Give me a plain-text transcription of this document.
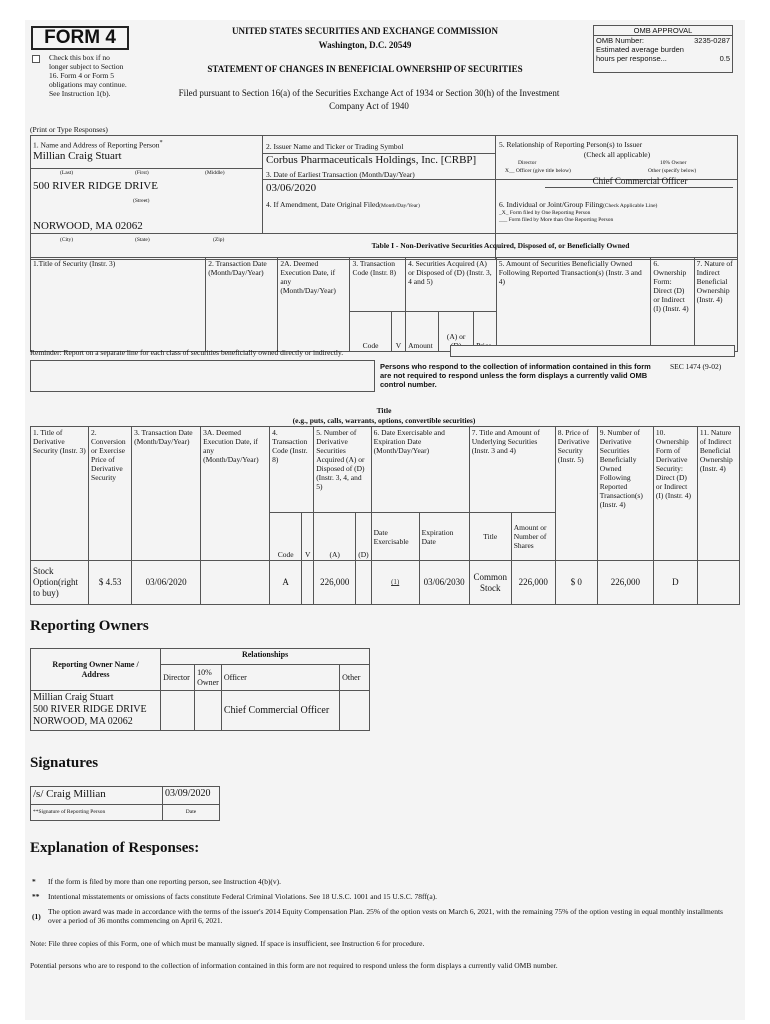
FORM 4
Check this box if no longer subject to Section 16. Form 4 or Form 5 obligations may continue. See Instruction 1(b).
UNITED STATES SECURITIES AND EXCHANGE COMMISSION
Washington, D.C. 20549
STATEMENT OF CHANGES IN BENEFICIAL OWNERSHIP OF SECURITIES
Filed pursuant to Section 16(a) of the Securities Exchange Act of 1934 or Section 30(h) of the Investment
Company Act of 1940
OMB APPROVAL
OMB Number:	3235-0287
Estimated average burden
hours per response...	0.5
(Print or Type Responses)
1. Name and Address of Reporting Person*
Millian Craig Stuart
(Last)	(First)	(Middle)
500 RIVER RIDGE DRIVE
(Street)
NORWOOD, MA 02062
(City)	(State)	(Zip)
2. Issuer Name and Ticker or Trading Symbol
Corbus Pharmaceuticals Holdings, Inc. [CRBP]
3. Date of Earliest Transaction (Month/Day/Year)
03/06/2020
4. If Amendment, Date Original Filed(Month/Day/Year)
5. Relationship of Reporting Person(s) to Issuer
(Check all applicable)
Director	10% Owner
X__ Officer (give title below)	Other (specify below)
Chief Commercial Officer
6. Individual or Joint/Group Filing(Check Applicable Line)
_X_ Form filed by One Reporting Person
___ Form filed by More than One Reporting Person
Table I - Non-Derivative Securities Acquired, Disposed of, or Beneficially Owned
1.Title of Security (Instr. 3)	2. Transaction Date (Month/Day/Year)	2A. Deemed Execution Date, if any (Month/Day/Year)	3. Transaction Code (Instr. 8)		4. Securities Acquired (A) or Disposed of (D) (Instr. 3, 4 and 5)			5. Amount of Securities Beneficially Owned Following Reported Transaction(s) (Instr. 3 and 4)	6. Ownership Form: Direct (D) or Indirect (I) (Instr. 4)	7. Nature of Indirect Beneficial Ownership (Instr. 4)
			Code	V	Amount	(A) or	
Reminder: Report on a separate line for each class of securities beneficially owned directly or indirectly.
Persons who respond to the collection of information contained in this form are not required to respond unless the form displays a currently valid OMB control number.
SEC 1474 (9-02)
Title
(e.g., puts, calls, warrants, options, convertible securities)
1. Title of Derivative Security (Instr. 3)	2. Conversion or Exercise Price of Derivative Security	3. Transaction Date (Month/Day/Year)	3A. Deemed Execution Date, if any (Month/Day/Year)	4. Transaction Code (Instr. 8)		5. Number of Derivative Securities Acquired (A) or Disposed of (D) (Instr. 3, 4, and 5)		6. Date Exercisable and Expiration Date (Month/Day/Year)		7. Title and Amount of Underlying Securities (Instr. 3 and 4)		8. Price of Derivative Security (Instr. 5)	9. Number of Derivative Securities Beneficially Owned Following Reported Transaction(s) (Instr. 4)	10. Ownership Form of Derivative Security: Direct (D) or Indirect (I) (Instr. 4)	11. Nature of Indirect Beneficial Ownership (Instr. 4)
				Code	V	(A)	(D)	Date Exercisable	Expiration Date	Title	Amount or Number of Shares				
Stock Option(right to buy)	$ 4.53	03/06/2020		A		226,000		(1)	03/06/2030	Common Stock	226,000	$ 0	226,000	D	
Reporting Owners
Reporting Owner Name / Address	Relationships			
	Director	10% Owner	Officer	Other

Millian Craig Stuart
500 RIVER RIDGE DRIVE
NORWOOD, MA 02062			Chief Commercial Officer	
Signatures
/s/ Craig Millian	03/09/2020
**Signature of Reporting Person	Date
Explanation of Responses:
* If the form is filed by more than one reporting person, see Instruction 4(b)(v).
** Intentional misstatements or omissions of facts constitute Federal Criminal Violations. See 18 U.S.C. 1001 and 15 U.S.C. 78ff(a).
(1)
The option award was made in accordance with the terms of the issuer's 2014 Equity Compensation Plan. 25% of the option vests on March 6, 2021, with the remaining 75% of the option vesting in equal monthly installments over a period of 36 months commencing on April 6, 2021.
Note: File three copies of this Form, one of which must be manually signed. If space is insufficient, see Instruction 6 for procedure.
Potential persons who are to respond to the collection of information contained in this form are not required to respond unless the form displays a currently valid OMB number.
